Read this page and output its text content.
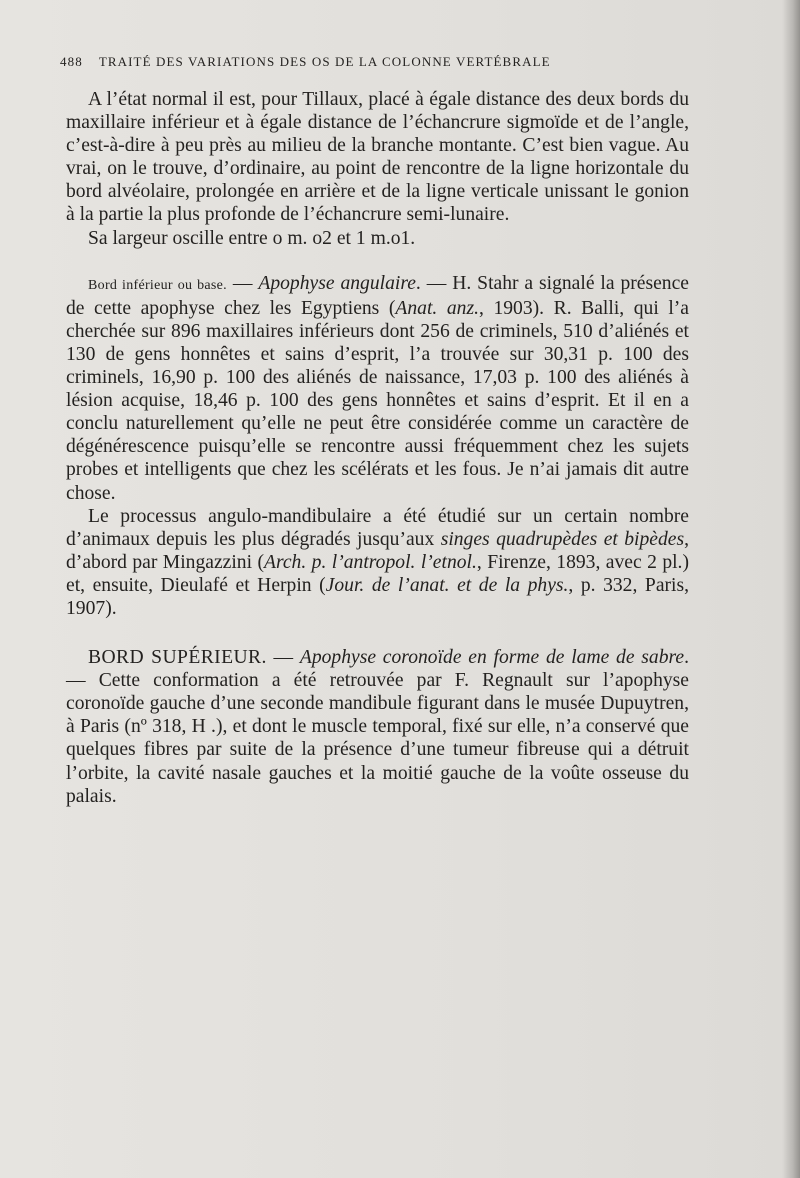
488 TRAITÉ DES VARIATIONS DES OS DE LA COLONNE VERTÉBRALE

A l’état normal il est, pour Tillaux, placé à égale distance des deux bords du maxillaire inférieur et à égale distance de l’échancrure sigmoïde et de l’angle, c’est-à-dire à peu près au milieu de la branche montante. C’est bien vague. Au vrai, on le trouve, d’ordinaire, au point de rencontre de la ligne horizontale du bord alvéolaire, prolongée en arrière et de la ligne verticale unissant le gonion à la partie la plus profonde de l’échancrure semi-lunaire.

Sa largeur oscille entre o m. o2 et 1 m.o1.

Bord inférieur ou base. — Apophyse angulaire. — H. Stahr a signalé la présence de cette apophyse chez les Egyptiens (Anat. anz., 1903). R. Balli, qui l’a cherchée sur 896 maxillaires inférieurs dont 256 de criminels, 510 d’aliénés et 130 de gens honnêtes et sains d’esprit, l’a trouvée sur 30,31 p. 100 des criminels, 16,90 p. 100 des aliénés de naissance, 17,03 p. 100 des aliénés à lésion acquise, 18,46 p. 100 des gens honnêtes et sains d’esprit. Et il en a conclu naturellement qu’elle ne peut être considérée comme un caractère de dégénérescence puisqu’elle se rencontre aussi fréquemment chez les sujets probes et intelligents que chez les scélérats et les fous. Je n’ai jamais dit autre chose.

Le processus angulo-mandibulaire a été étudié sur un certain nombre d’animaux depuis les plus dégradés jusqu’aux singes quadrupèdes et bipèdes, d’abord par Mingazzini (Arch. p. l’antropol. l’etnol., Firenze, 1893, avec 2 pl.) et, ensuite, Dieulafé et Herpin (Jour. de l’anat. et de la phys., p. 332, Paris, 1907).

BORD SUPÉRIEUR. — Apophyse coronoïde en forme de lame de sabre. — Cette conformation a été retrouvée par F. Regnault sur l’apophyse coronoïde gauche d’une seconde mandibule figurant dans le musée Dupuytren, à Paris (nº 318, H .), et dont le muscle temporal, fixé sur elle, n’a conservé que quelques fibres par suite de la présence d’une tumeur fibreuse qui a détruit l’orbite, la cavité nasale gauches et la moitié gauche de la voûte osseuse du palais.
